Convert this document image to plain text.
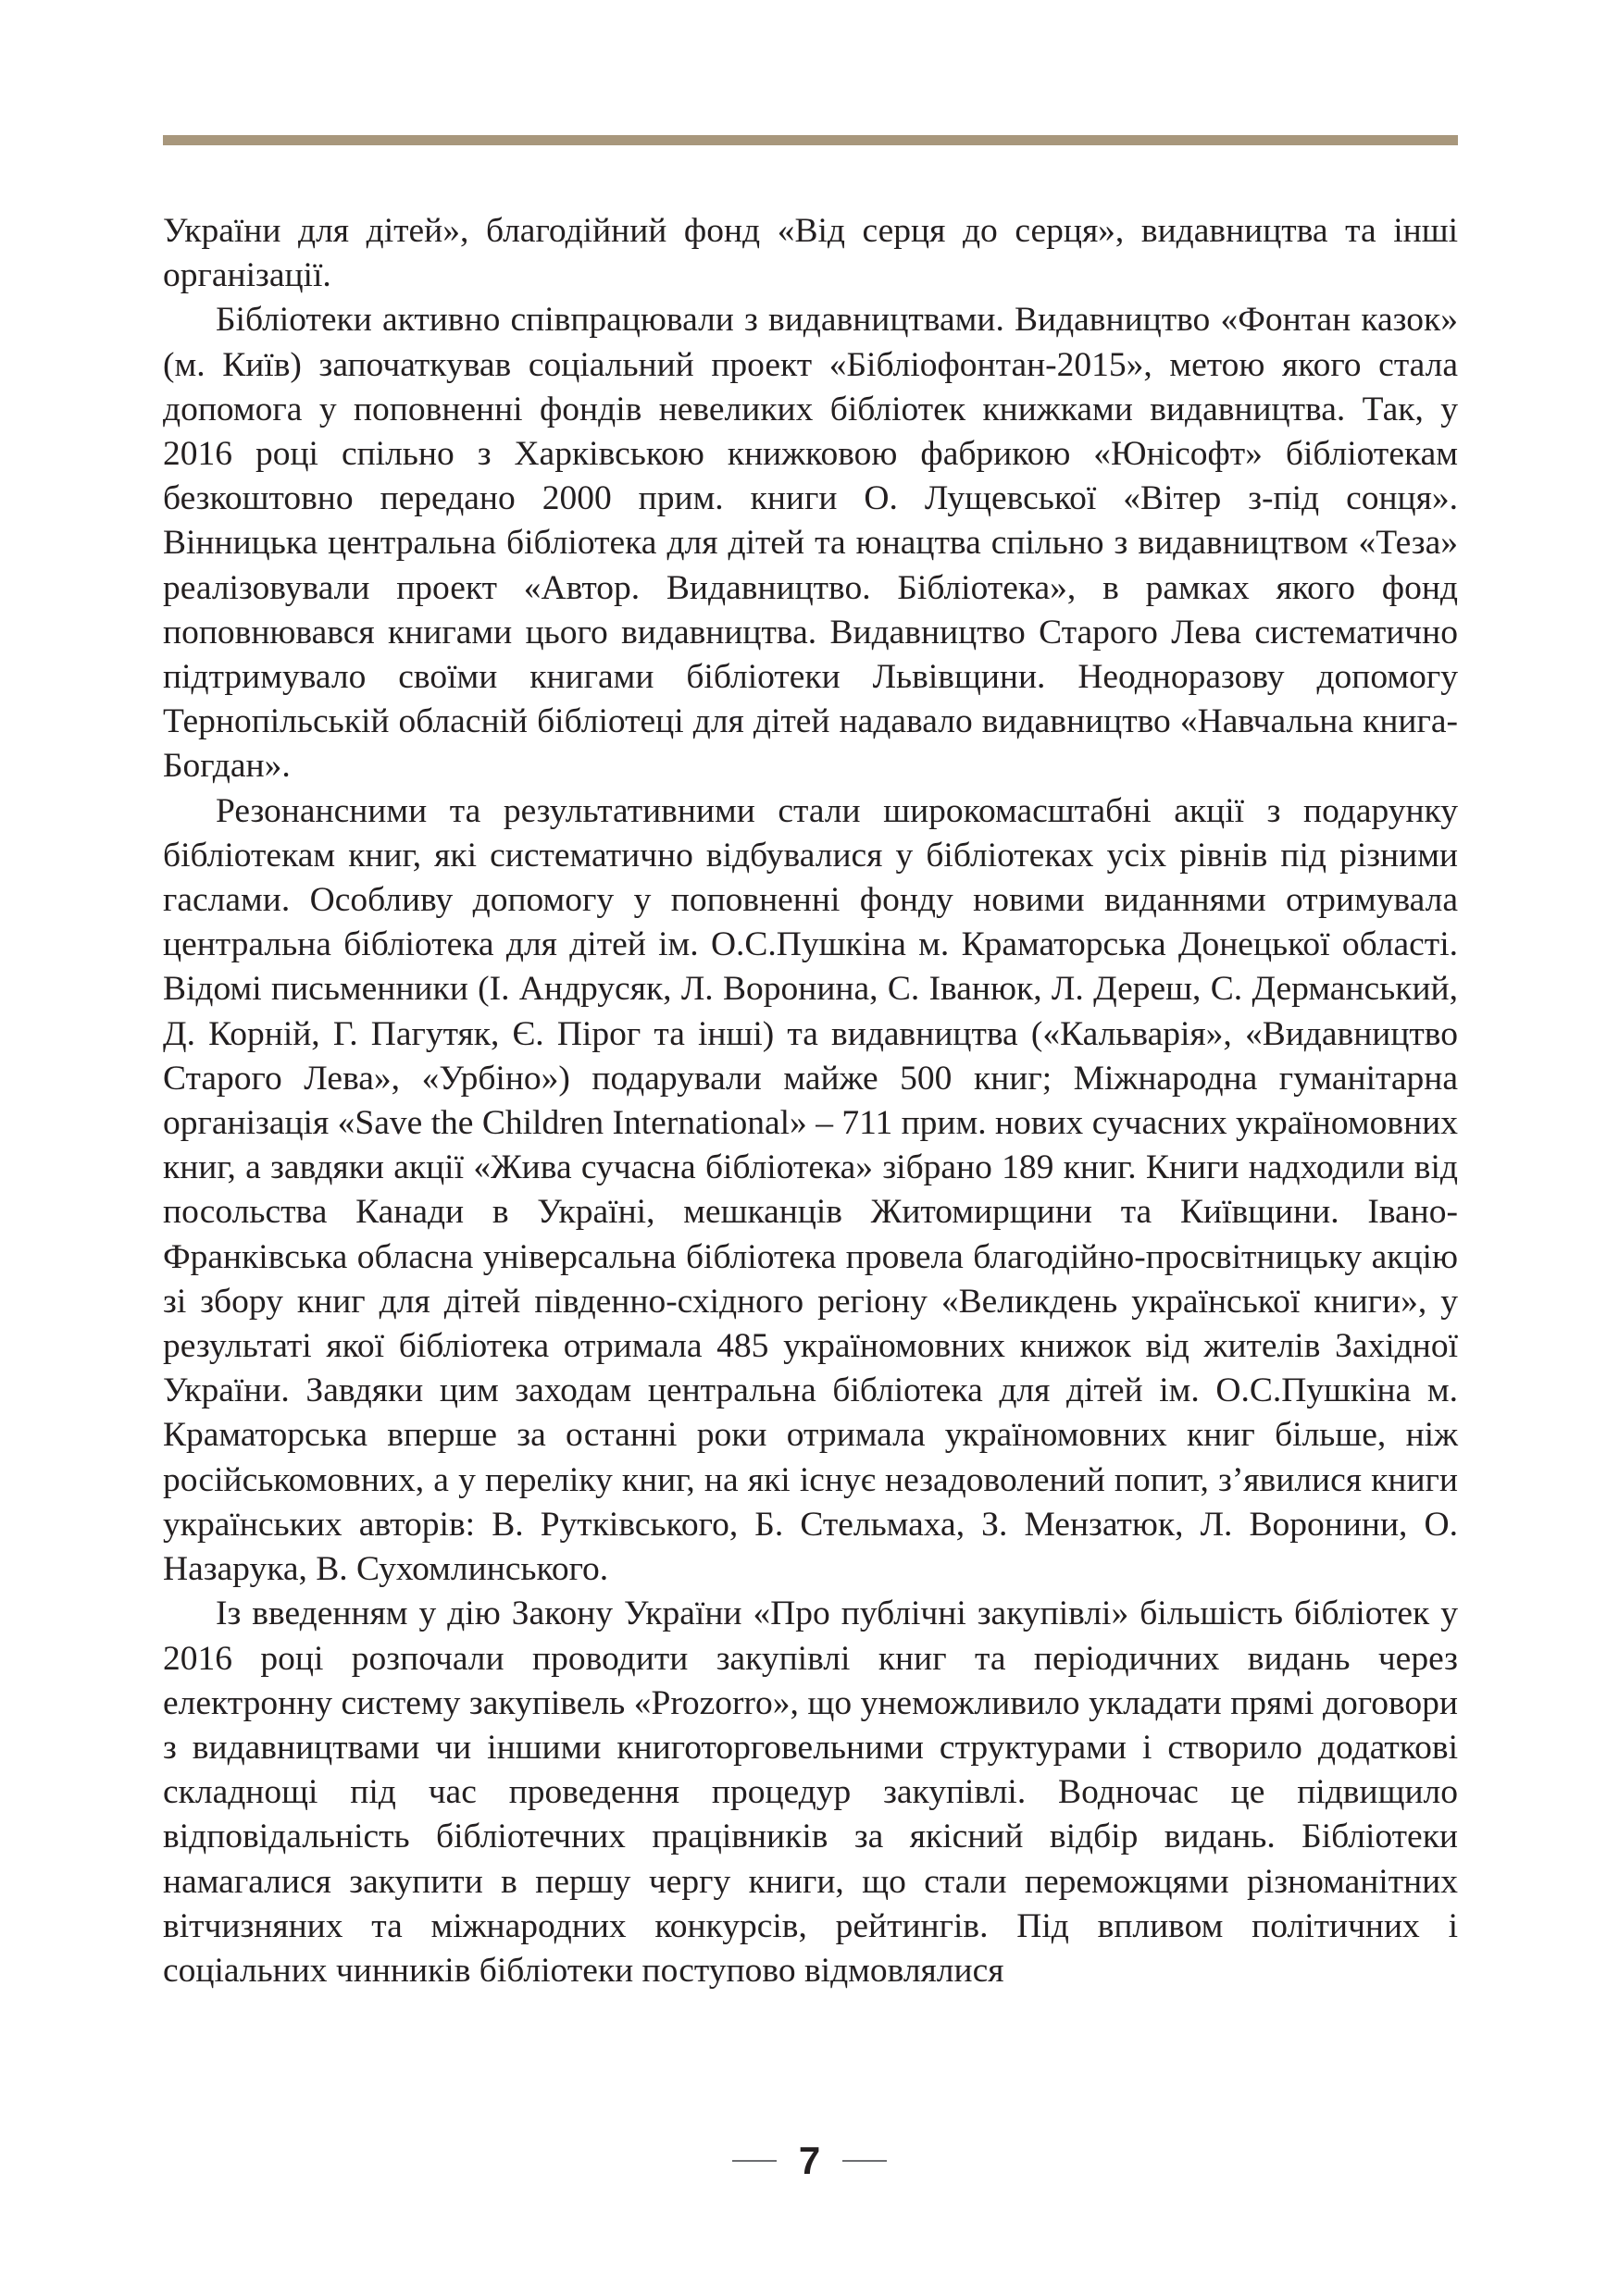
України для дітей», благодійний фонд «Від серця до серця», видавництва та інші організації.

Бібліотеки активно співпрацювали з видавництвами. Видавництво «Фонтан казок» (м. Київ) започаткував соціальний проект «Бібліофонтан-2015», метою якого стала допомога у поповненні фондів невеликих бібліотек книжками видавництва. Так, у 2016 році спільно з Харківською книжковою фабрикою «Юнісофт» бібліотекам безкоштовно передано 2000 прим. книги О. Лущевської «Вітер з-під сонця». Вінницька центральна бібліотека для дітей та юнацтва спільно з видавництвом «Теза» реалізовували проект «Автор. Видавництво. Бібліотека», в рамках якого фонд поповнювався книгами цього видавництва. Видавництво Старого Лева систематично підтримувало своїми книгами бібліотеки Львівщини. Неодноразову допомогу Тернопільській обласній бібліотеці для дітей надавало видавництво «Навчальна книга-Богдан».

Резонансними та результативними стали широкомасштабні акції з подарунку бібліотекам книг, які систематично відбувалися у бібліотеках усіх рівнів під різними гаслами. Особливу допомогу у поповненні фонду новими виданнями отримувала центральна бібліотека для дітей ім. О.С.Пушкіна м. Краматорська Донецької області. Відомі письменники (І. Андрусяк, Л. Воронина, С. Іванюк, Л. Дереш, С. Дерманський, Д. Корній, Г. Пагутяк, Є. Пірог та інші) та видавництва («Кальварія», «Видавництво Старого Лева», «Урбіно») подарували майже 500 книг; Міжнародна гуманітарна організація «Save the Children International» – 711 прим. нових сучасних україномовних книг, а завдяки акції «Жива сучасна бібліотека» зібрано 189 книг. Книги надходили від посольства Канади в Україні, мешканців Житомирщини та Київщини. Івано-Франківська обласна універсальна бібліотека провела благодійно-просвітницьку акцію зі збору книг для дітей південно-східного регіону «Великдень української книги», у результаті якої бібліотека отримала 485 україномовних книжок від жителів Західної України. Завдяки цим заходам центральна бібліотека для дітей ім. О.С.Пушкіна м. Краматорська вперше за останні роки отримала україномовних книг більше, ніж російськомовних, а у переліку книг, на які існує незадоволений попит, з’явилися книги українських авторів: В. Рутківського, Б. Стельмаха, З. Мензатюк, Л. Воронини, О. Назарука, В. Сухомлинського.

Із введенням у дію Закону України «Про публічні закупівлі» більшість бібліотек у 2016 році розпочали проводити закупівлі книг та періодичних видань через електронну систему закупівель «Prozorro», що унеможливило укладати прямі договори з видавництвами чи іншими книготорговельними структурами і створило додаткові складнощі під час проведення процедур закупівлі. Водночас це підвищило відповідальність бібліотечних працівників за якісний відбір видань. Бібліотеки намагалися закупити в першу чергу книги, що стали переможцями різноманітних вітчизняних та міжнародних конкурсів, рейтингів. Під впливом політичних і соціальних чинників бібліотеки поступово відмовлялися

7
